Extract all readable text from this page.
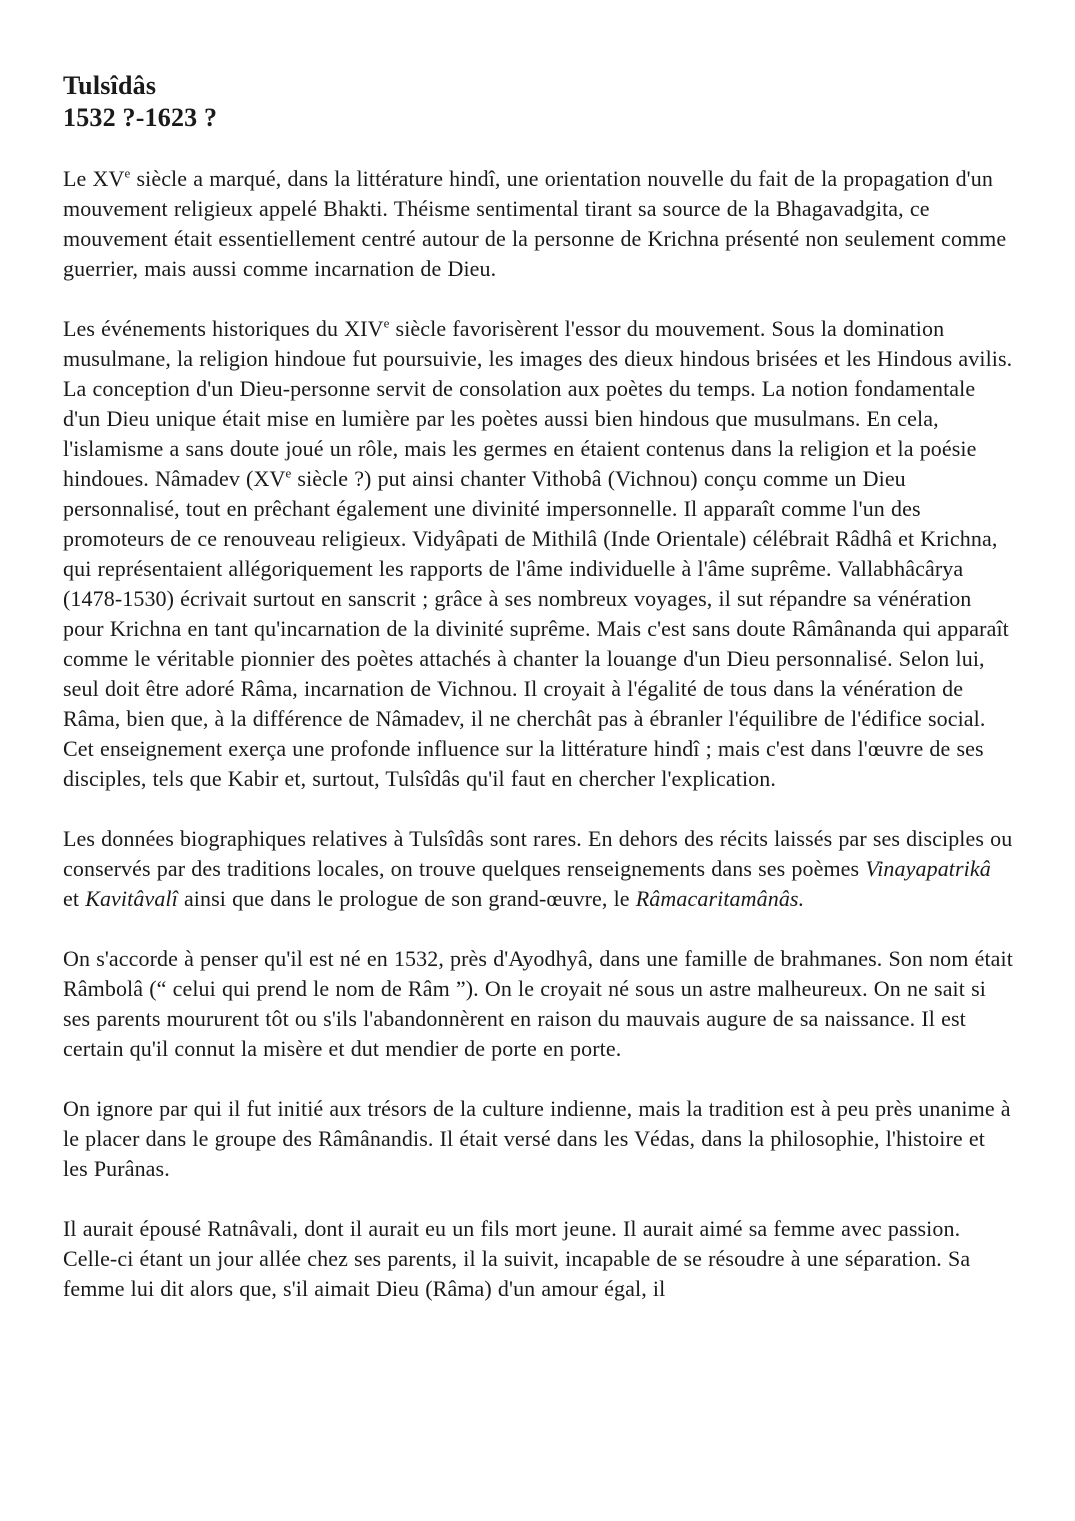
Tulsîdâs
1532 ?-1623 ?

Le XVe siècle a marqué, dans la littérature hindî, une orientation nouvelle du fait de la propagation d'un mouvement religieux appelé Bhakti. Théisme sentimental tirant sa source de la Bhagavadgita, ce mouvement était essentiellement centré autour de la personne de Krichna présenté non seulement comme guerrier, mais aussi comme incarnation de Dieu.

Les événements historiques du XIVe siècle favorisèrent l'essor du mouvement. Sous la domination musulmane, la religion hindoue fut poursuivie, les images des dieux hindous brisées et les Hindous avilis. La conception d'un Dieu-personne servit de consolation aux poètes du temps. La notion fondamentale d'un Dieu unique était mise en lumière par les poètes aussi bien hindous que musulmans. En cela, l'islamisme a sans doute joué un rôle, mais les germes en étaient contenus dans la religion et la poésie hindoues. Nâmadev (XVe siècle ?) put ainsi chanter Vithobâ (Vichnou) conçu comme un Dieu personnalisé, tout en prêchant également une divinité impersonnelle. Il apparaît comme l'un des promoteurs de ce renouveau religieux. Vidyâpati de Mithilâ (Inde Orientale) célébrait Râdhâ et Krichna, qui représentaient allégoriquement les rapports de l'âme individuelle à l'âme suprême. Vallabhâcârya (1478-1530) écrivait surtout en sanscrit ; grâce à ses nombreux voyages, il sut répandre sa vénération pour Krichna en tant qu'incarnation de la divinité suprême. Mais c'est sans doute Râmânanda qui apparaît comme le véritable pionnier des poètes attachés à chanter la louange d'un Dieu personnalisé. Selon lui, seul doit être adoré Râma, incarnation de Vichnou. Il croyait à l'égalité de tous dans la vénération de Râma, bien que, à la différence de Nâmadev, il ne cherchât pas à ébranler l'équilibre de l'édifice social. Cet enseignement exerça une profonde influence sur la littérature hindî ; mais c'est dans l'œuvre de ses disciples, tels que Kabir et, surtout, Tulsîdâs qu'il faut en chercher l'explication.

Les données biographiques relatives à Tulsîdâs sont rares. En dehors des récits laissés par ses disciples ou conservés par des traditions locales, on trouve quelques renseignements dans ses poèmes Vinayapatrikâ et Kavitâvalî ainsi que dans le prologue de son grand-œuvre, le Râmacaritamânâs.

On s'accorde à penser qu'il est né en 1532, près d'Ayodhyâ, dans une famille de brahmanes. Son nom était Râmbolâ (“ celui qui prend le nom de Râm ”). On le croyait né sous un astre malheureux. On ne sait si ses parents moururent tôt ou s'ils l'abandonnèrent en raison du mauvais augure de sa naissance. Il est certain qu'il connut la misère et dut mendier de porte en porte.

On ignore par qui il fut initié aux trésors de la culture indienne, mais la tradition est à peu près unanime à le placer dans le groupe des Râmânandis. Il était versé dans les Védas, dans la philosophie, l'histoire et les Purânas.

Il aurait épousé Ratnâvali, dont il aurait eu un fils mort jeune. Il aurait aimé sa femme avec passion. Celle-ci étant un jour allée chez ses parents, il la suivit, incapable de se résoudre à une séparation. Sa femme lui dit alors que, s'il aimait Dieu (Râma) d'un amour égal, il
